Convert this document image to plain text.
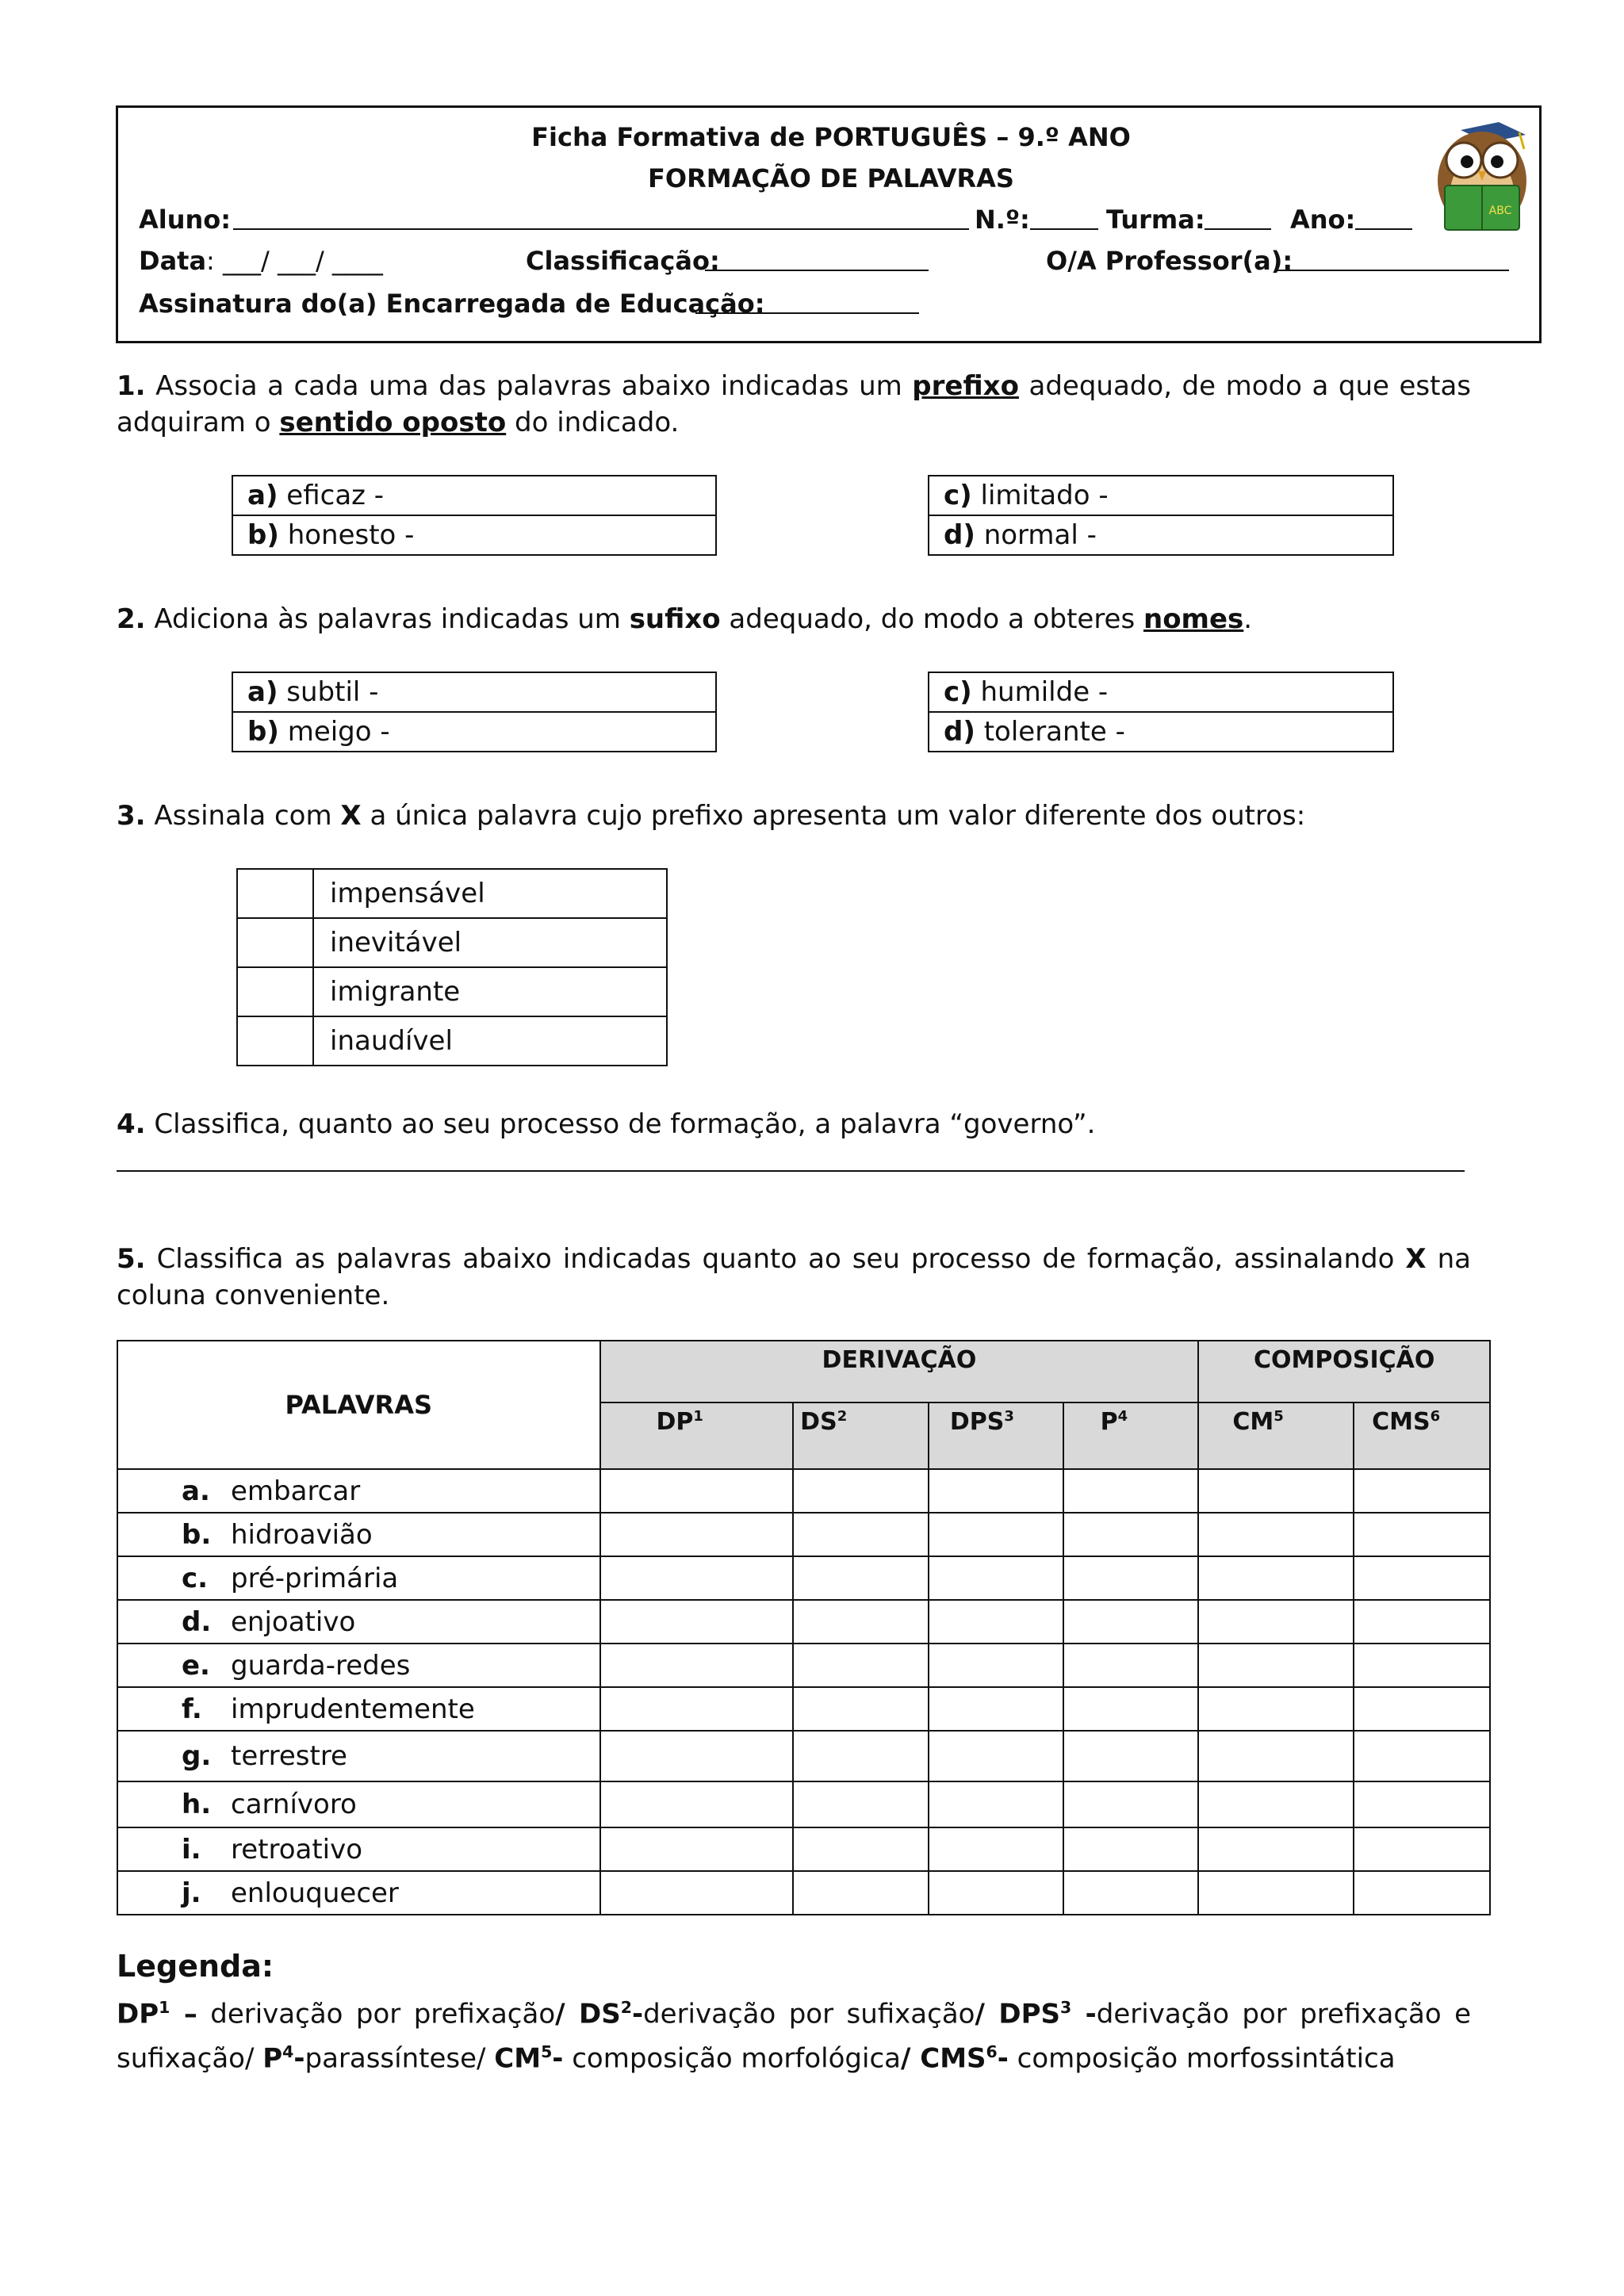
Ficha Formativa de PORTUGUÊS – 9.º ANO
FORMAÇÃO DE PALAVRAS
Aluno:	N.º:	Turma:	Ano:
Data: ___/ ___/ ____	Classificação:	O/A Professor(a):
Assinatura do(a) Encarregada de Educação:
ABC
1. Associa a cada uma das palavras abaixo indicadas um prefixo adequado, de modo a que estas adquiram o sentido oposto do indicado.
a) eficaz -
b) honesto -
c) limitado -
d) normal -
2. Adiciona às palavras indicadas um sufixo adequado, do modo a obteres nomes.
a) subtil -
b) meigo -
c) humilde -
d) tolerante -
3. Assinala com X a única palavra cujo prefixo apresenta um valor diferente dos outros:
	impensável
	inevitável
	imigrante
	inaudível
4. Classifica, quanto ao seu processo de formação, a palavra “governo”.
5. Classifica as palavras abaixo indicadas quanto ao seu processo de formação, assinalando X na coluna conveniente.
PALAVRAS	DERIVAÇÃO				COMPOSIÇÃO	
	$DP^1$	$DS^2$	DPS$^3$	$P^4$	$CM^5$	CMS$^6$
a. embarcar						
b. hidroavião						
c. pré-primária						
d. enjoativo						
e. guarda-redes						
f. imprudentemente						
g. terrestre						
h. carnívoro						
i. retroativo						
j. enlouquecer						
Legenda:
$DP^1$ – derivação por prefixação/ $DS^2$-derivação por sufixação/ DPS$^3$ -derivação por prefixação e sufixação/ $P^4-parassíntese/$ $CM^5-$ composição morfológica/ CMS$^6$- composição morfossintática
